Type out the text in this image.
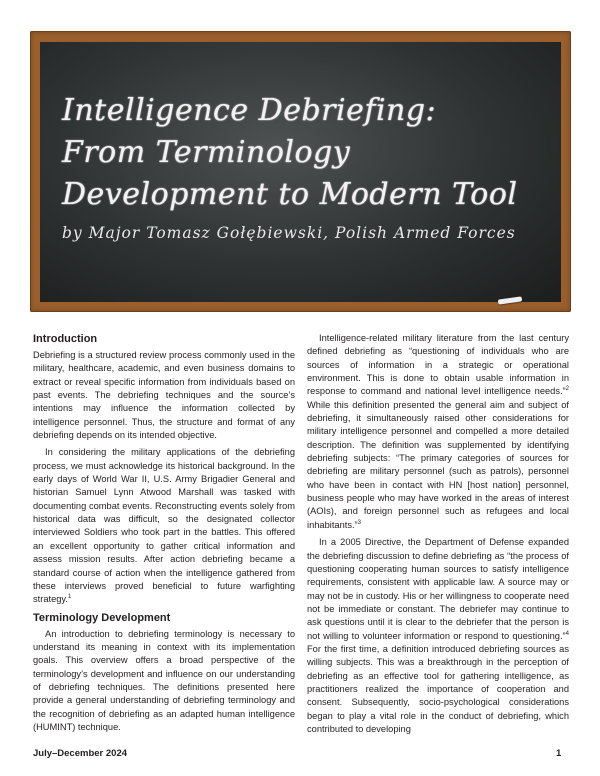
Intelligence Debriefing:
From Terminology
Development to Modern Tool
by Major Tomasz Gołębiewski, Polish Armed Forces
Introduction

Debriefing is a structured review process commonly used in the military, healthcare, academic, and even business domains to extract or reveal specific information from individuals based on past events. The debriefing techniques and the source’s intentions may influence the information collected by intelligence personnel. Thus, the structure and format of any debriefing depends on its intended objective.

In considering the military applications of the debriefing process, we must acknowledge its historical background. In the early days of World War II, U.S. Army Brigadier General and historian Samuel Lynn Atwood Marshall was tasked with documenting combat events. Reconstructing events solely from historical data was difficult, so the designated collector interviewed Soldiers who took part in the battles. This offered an excellent opportunity to gather critical information and assess mission results. After action debriefing became a standard course of action when the intelligence gathered from these interviews proved beneficial to future warfighting strategy.$^1$

Terminology Development

An introduction to debriefing terminology is necessary to understand its meaning in context with its implementation goals. This overview offers a broad perspective of the terminology’s development and influence on our understanding of debriefing techniques. The definitions presented here provide a general understanding of debriefing terminology and the recognition of debriefing as an adapted human intelligence (HUMINT) technique.

Intelligence-related military literature from the last century defined debriefing as “questioning of individuals who are sources of information in a strategic or operational environment. This is done to obtain usable information in response to command and national level intelligence needs.”$^2$ While this definition presented the general aim and subject of debriefing, it simultaneously raised other considerations for military intelligence personnel and compelled a more detailed description. The definition was supplemented by identifying debriefing subjects: “The primary categories of sources for debriefing are military personnel (such as patrols), personnel who have been in contact with HN [host nation] personnel, business people who may have worked in the areas of interest (AOIs), and foreign personnel such as refugees and local inhabitants.”$^3$

In a 2005 Directive, the Department of Defense expanded the debriefing discussion to define debriefing as “the process of questioning cooperating human sources to satisfy intelligence requirements, consistent with applicable law. A source may or may not be in custody. His or her willingness to cooperate need not be immediate or constant. The debriefer may continue to ask questions until it is clear to the debriefer that the person is not willing to volunteer information or respond to questioning.”$^4$ For the first time, a definition introduced debriefing sources as willing subjects. This was a breakthrough in the perception of debriefing as an effective tool for gathering intelligence, as practitioners realized the importance of cooperation and consent. Subsequently, socio-psychological considerations began to play a vital role in the conduct of debriefing, which contributed to developing

July–December 2024	1
